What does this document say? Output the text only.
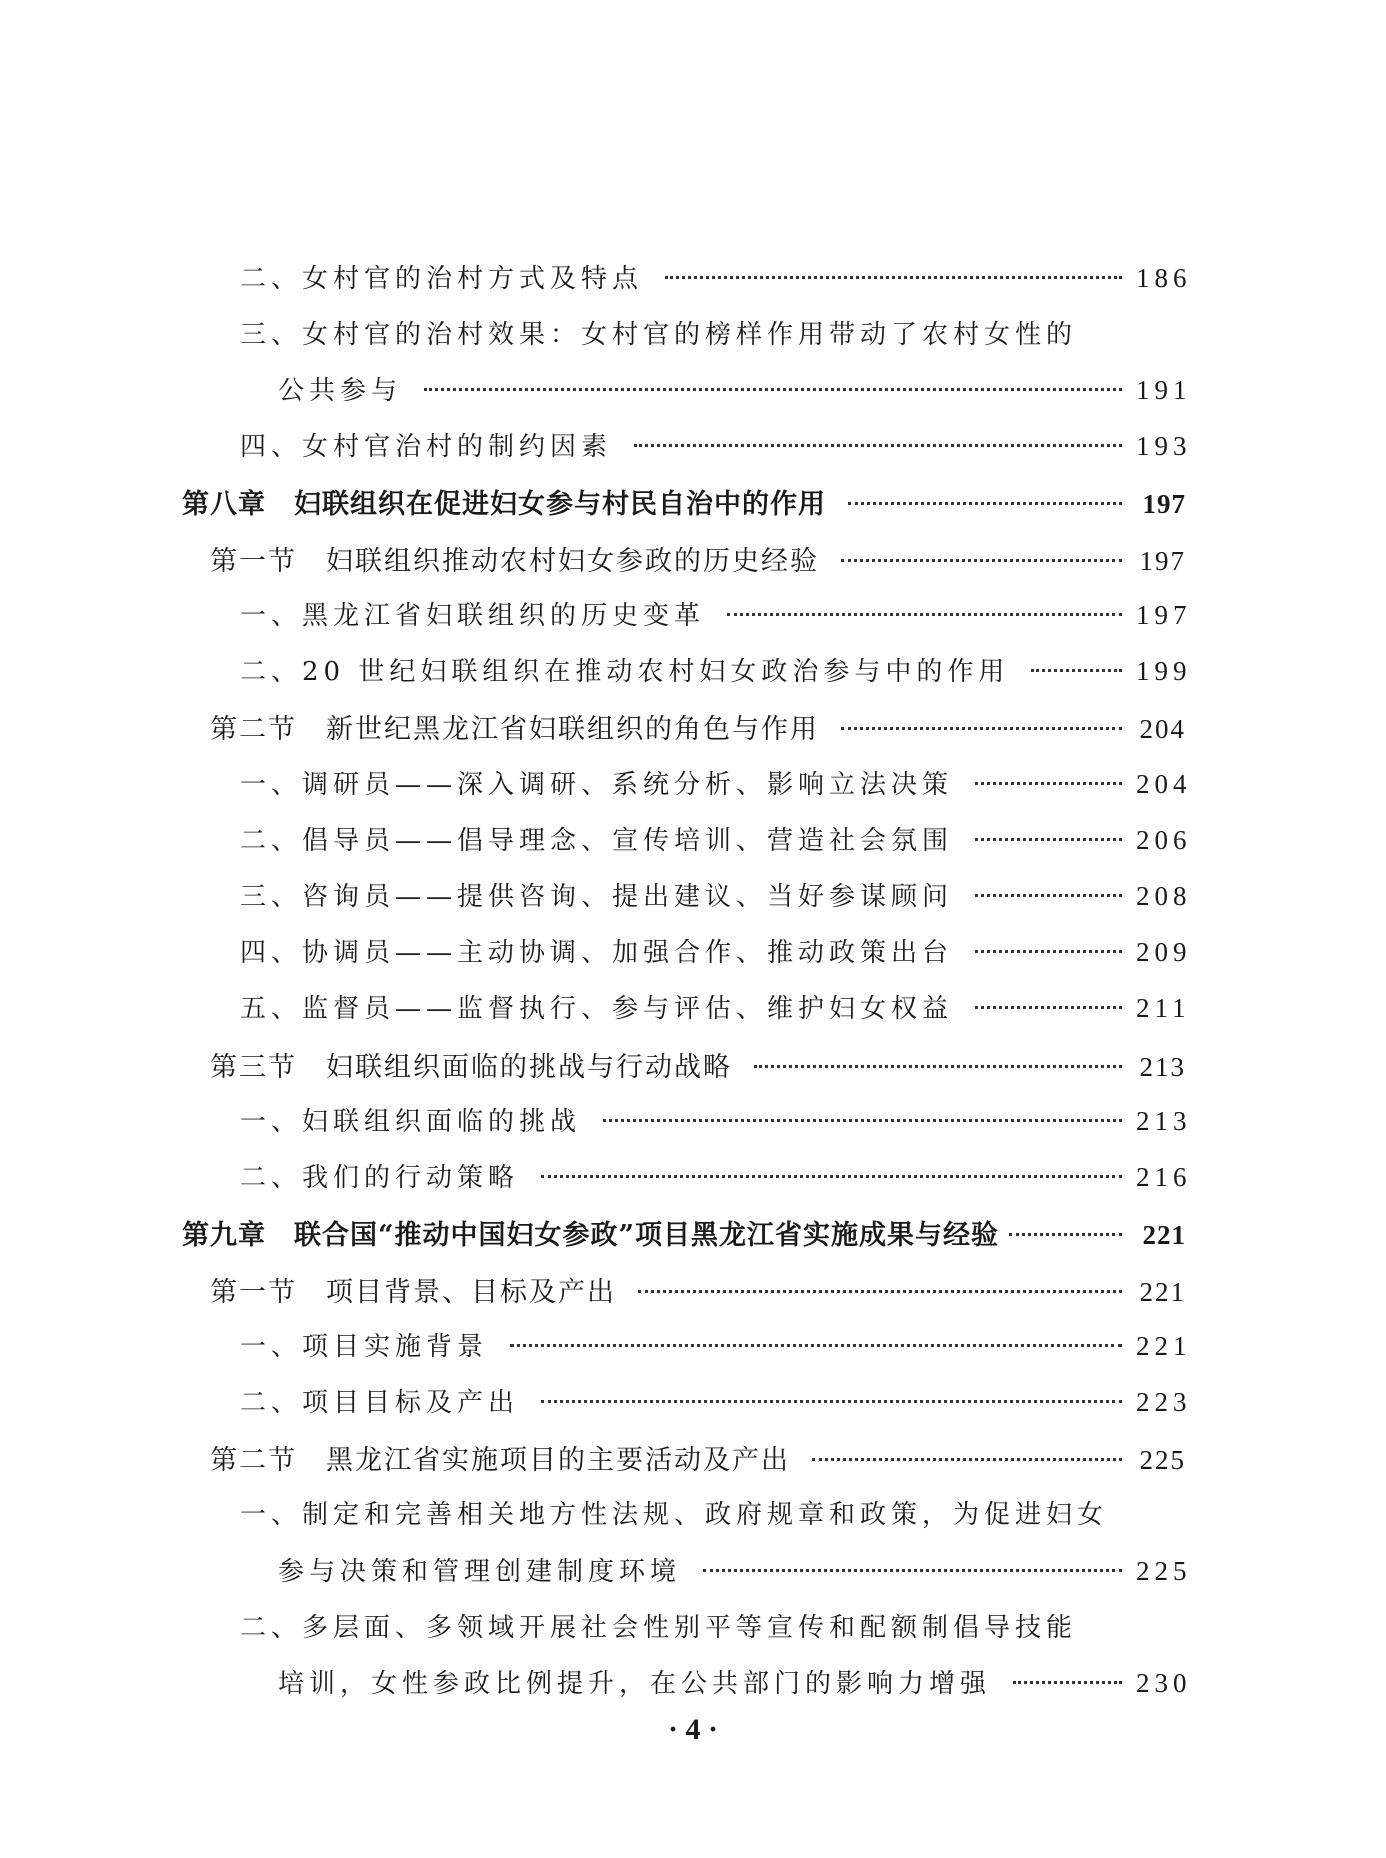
二、女村官的治村方式及特点	186
三、女村官的治村效果：女村官的榜样作用带动了农村女性的
公共参与	191
四、女村官治村的制约因素	193
第八章　妇联组织在促进妇女参与村民自治中的作用	197
第一节　妇联组织推动农村妇女参政的历史经验	197
一、黑龙江省妇联组织的历史变革	197
二、20 世纪妇联组织在推动农村妇女政治参与中的作用	199
第二节　新世纪黑龙江省妇联组织的角色与作用	204
一、调研员——深入调研、系统分析、影响立法决策	204
二、倡导员——倡导理念、宣传培训、营造社会氛围	206
三、咨询员——提供咨询、提出建议、当好参谋顾问	208
四、协调员——主动协调、加强合作、推动政策出台	209
五、监督员——监督执行、参与评估、维护妇女权益	211
第三节　妇联组织面临的挑战与行动战略	213
一、妇联组织面临的挑战	213
二、我们的行动策略	216
第九章　联合国“推动中国妇女参政”项目黑龙江省实施成果与经验	221
第一节　项目背景、目标及产出	221
一、项目实施背景	221
二、项目目标及产出	223
第二节　黑龙江省实施项目的主要活动及产出	225
一、制定和完善相关地方性法规、政府规章和政策，为促进妇女
参与决策和管理创建制度环境	225
二、多层面、多领域开展社会性别平等宣传和配额制倡导技能
培训，女性参政比例提升，在公共部门的影响力增强	230
· 4 ·
